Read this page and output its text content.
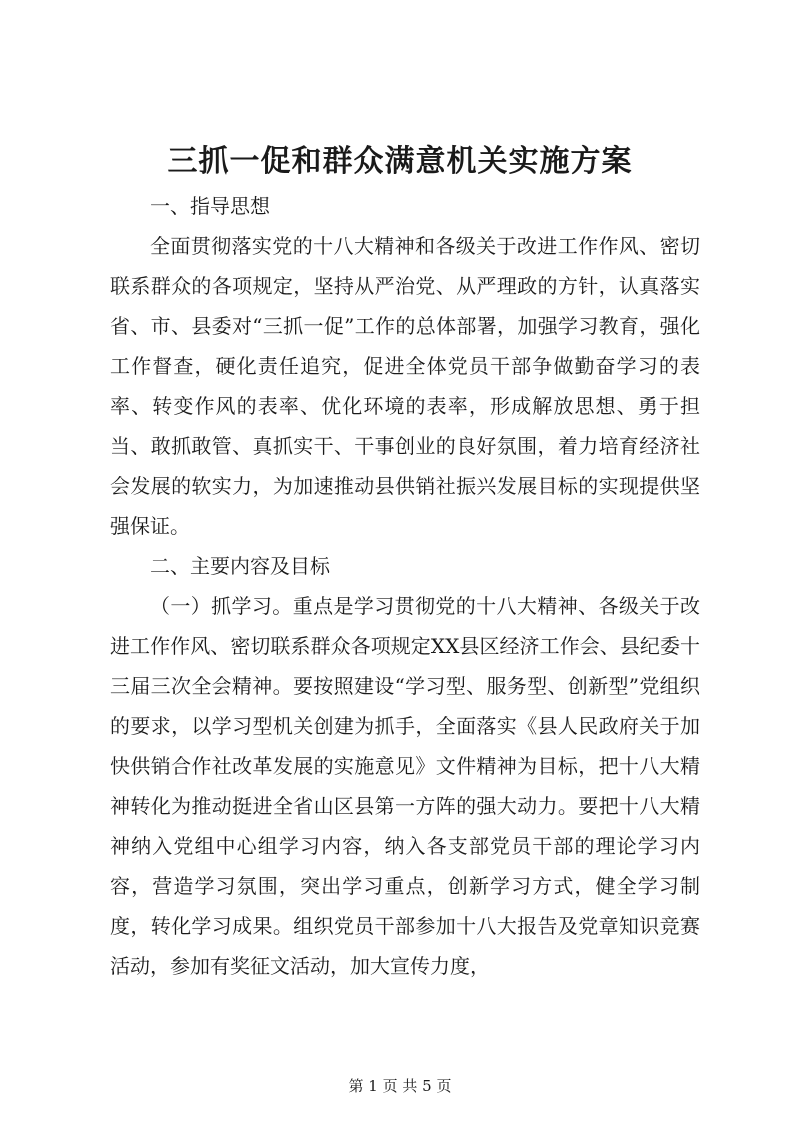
三抓一促和群众满意机关实施方案

一、指导思想

全面贯彻落实党的十八大精神和各级关于改进工作作风、密切联系群众的各项规定，坚持从严治党、从严理政的方针，认真落实省、市、县委对“三抓一促”工作的总体部署，加强学习教育，强化工作督查，硬化责任追究，促进全体党员干部争做勤奋学习的表率、转变作风的表率、优化环境的表率，形成解放思想、勇于担当、敢抓敢管、真抓实干、干事创业的良好氛围，着力培育经济社会发展的软实力，为加速推动县供销社振兴发展目标的实现提供坚强保证。

二、主要内容及目标

（一）抓学习。重点是学习贯彻党的十八大精神、各级关于改进工作作风、密切联系群众各项规定XX县区经济工作会、县纪委十三届三次全会精神。要按照建设“学习型、服务型、创新型”党组织的要求，以学习型机关创建为抓手，全面落实《县人民政府关于加快供销合作社改革发展的实施意见》文件精神为目标，把十八大精神转化为推动挺进全省山区县第一方阵的强大动力。要把十八大精神纳入党组中心组学习内容，纳入各支部党员干部的理论学习内容，营造学习氛围，突出学习重点，创新学习方式，健全学习制度，转化学习成果。组织党员干部参加十八大报告及党章知识竞赛活动，参加有奖征文活动，加大宣传力度，

第 1 页 共 5 页
